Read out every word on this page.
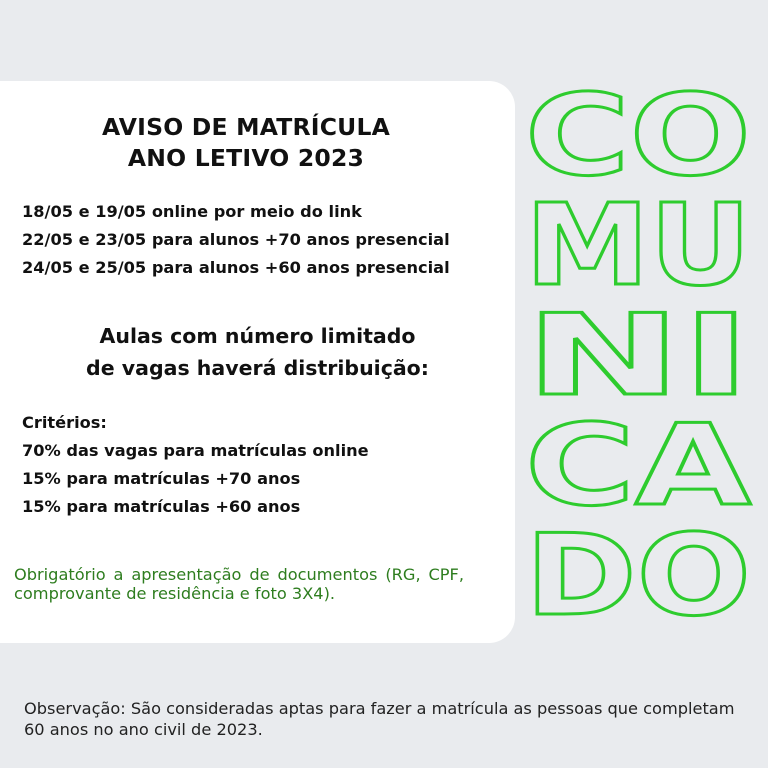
AVISO DE MATRÍCULA
ANO LETIVO 2023
18/05 e 19/05 online por meio do link
22/05 e 23/05 para alunos +70 anos presencial
24/05 e 25/05 para alunos +60 anos presencial
Aulas com número limitado
de vagas haverá distribuição:
Critérios:
70% das vagas para matrículas online
15% para matrículas +70 anos
15% para matrículas +60 anos
Obrigatório a apresentação de documentos (RG, CPF, comprovante de residência e foto 3X4).
Observação: São consideradas aptas para fazer a matrícula as pessoas que completam 60 anos no ano civil de 2023.
CO
MU
NI
CA
DO
